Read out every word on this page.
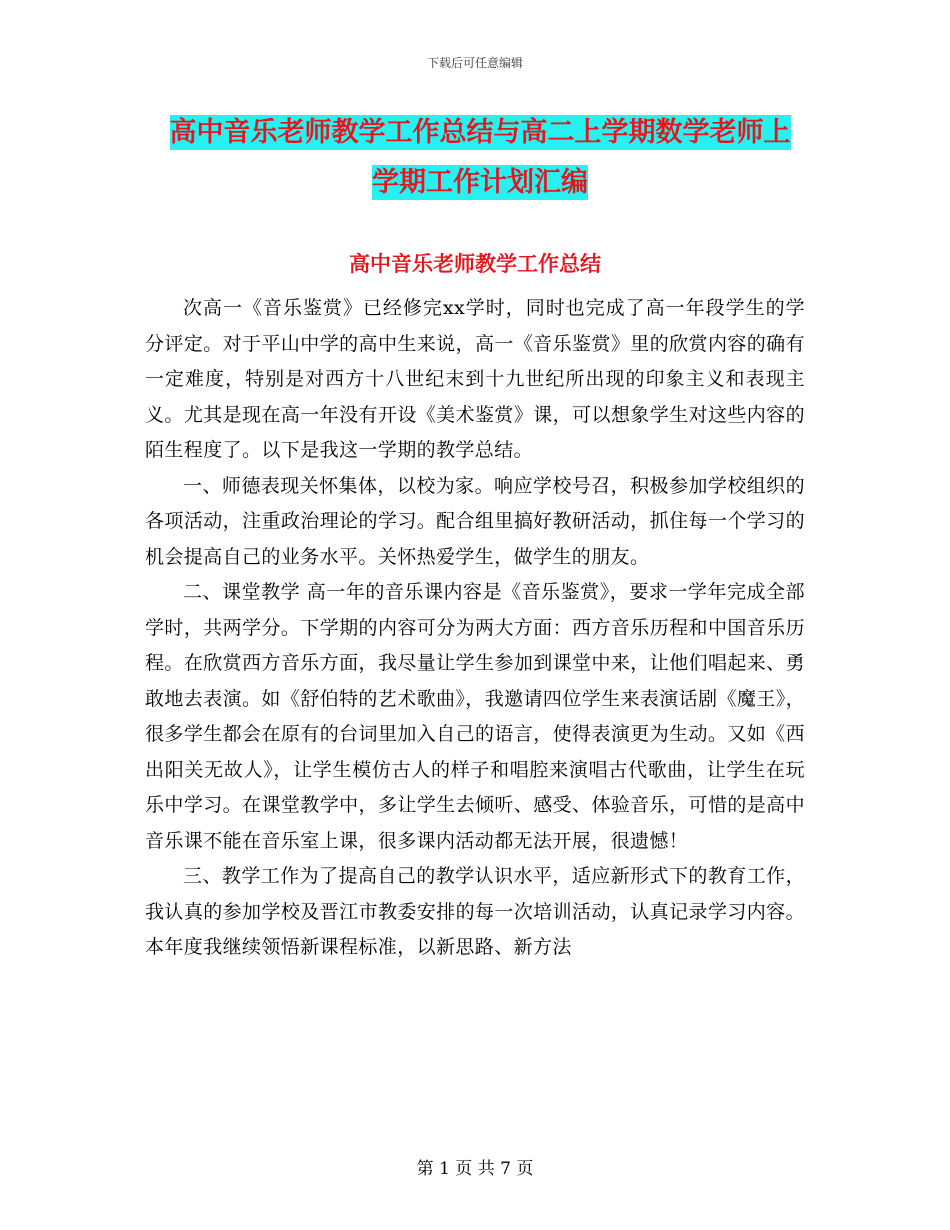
下载后可任意编辑
高中音乐老师教学工作总结与高二上学期数学老师上
学期工作计划汇编
高中音乐老师教学工作总结

次高一《音乐鉴赏》已经修完xx学时，同时也完成了高一年段学生的学分评定。对于平山中学的高中生来说，高一《音乐鉴赏》里的欣赏内容的确有一定难度，特别是对西方十八世纪末到十九世纪所出现的印象主义和表现主义。尤其是现在高一年没有开设《美术鉴赏》课，可以想象学生对这些内容的陌生程度了。以下是我这一学期的教学总结。

一、师德表现关怀集体，以校为家。响应学校号召，积极参加学校组织的各项活动，注重政治理论的学习。配合组里搞好教研活动，抓住每一个学习的机会提高自己的业务水平。关怀热爱学生，做学生的朋友。

二、课堂教学 高一年的音乐课内容是《音乐鉴赏》，要求一学年完成全部学时，共两学分。下学期的内容可分为两大方面：西方音乐历程和中国音乐历程。在欣赏西方音乐方面，我尽量让学生参加到课堂中来，让他们唱起来、勇敢地去表演。如《舒伯特的艺术歌曲》，我邀请四位学生来表演话剧《魔王》，很多学生都会在原有的台词里加入自己的语言，使得表演更为生动。又如《西出阳关无故人》，让学生模仿古人的样子和唱腔来演唱古代歌曲，让学生在玩乐中学习。在课堂教学中，多让学生去倾听、感受、体验音乐，可惜的是高中音乐课不能在音乐室上课，很多课内活动都无法开展，很遗憾！

三、教学工作为了提高自己的教学认识水平，适应新形式下的教育工作，我认真的参加学校及晋江市教委安排的每一次培训活动，认真记录学习内容。本年度我继续领悟新课程标准，以新思路、新方法

第 1 页 共 7 页
